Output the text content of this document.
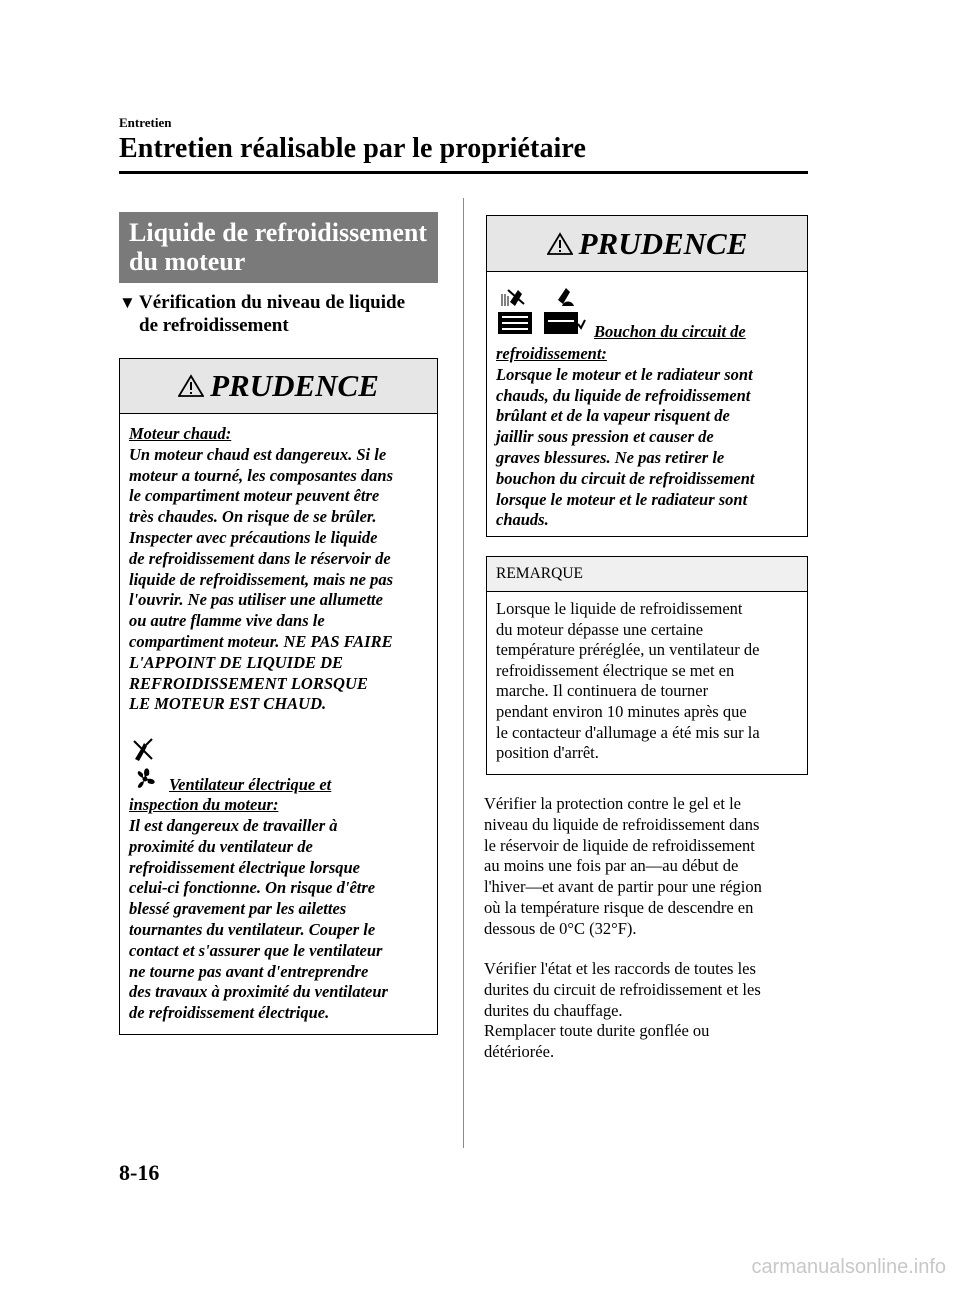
Entretien
Entretien réalisable par le propriétaire
Liquide de refroidissement
du moteur
▼ Vérification du niveau de liquide
de refroidissement
PRUDENCE
Moteur chaud:
Un moteur chaud est dangereux. Si le
moteur a tourné, les composantes dans
le compartiment moteur peuvent être
très chaudes. On risque de se brûler.
Inspecter avec précautions le liquide
de refroidissement dans le réservoir de
liquide de refroidissement, mais ne pas
l'ouvrir. Ne pas utiliser une allumette
ou autre flamme vive dans le
compartiment moteur. NE PAS FAIRE
L'APPOINT DE LIQUIDE DE
REFROIDISSEMENT LORSQUE
LE MOTEUR EST CHAUD.
Ventilateur électrique et
inspection du moteur:
Il est dangereux de travailler à
proximité du ventilateur de
refroidissement électrique lorsque
celui-ci fonctionne. On risque d'être
blessé gravement par les ailettes
tournantes du ventilateur. Couper le
contact et s'assurer que le ventilateur
ne tourne pas avant d'entreprendre
des travaux à proximité du ventilateur
de refroidissement électrique.
PRUDENCE
Bouchon du circuit de
refroidissement:
Lorsque le moteur et le radiateur sont
chauds, du liquide de refroidissement
brûlant et de la vapeur risquent de
jaillir sous pression et causer de
graves blessures. Ne pas retirer le
bouchon du circuit de refroidissement
lorsque le moteur et le radiateur sont
chauds.
REMARQUE
Lorsque le liquide de refroidissement
du moteur dépasse une certaine
température préréglée, un ventilateur de
refroidissement électrique se met en
marche. Il continuera de tourner
pendant environ 10 minutes après que
le contacteur d'allumage a été mis sur la
position d'arrêt.
Vérifier la protection contre le gel et le
niveau du liquide de refroidissement dans
le réservoir de liquide de refroidissement
au moins une fois par an―au début de
l'hiver―et avant de partir pour une région
où la température risque de descendre en
dessous de 0°C (32°F).
Vérifier l'état et les raccords de toutes les
durites du circuit de refroidissement et les
durites du chauffage.
Remplacer toute durite gonflée ou
détériorée.
8-16
carmanualsonline.info
